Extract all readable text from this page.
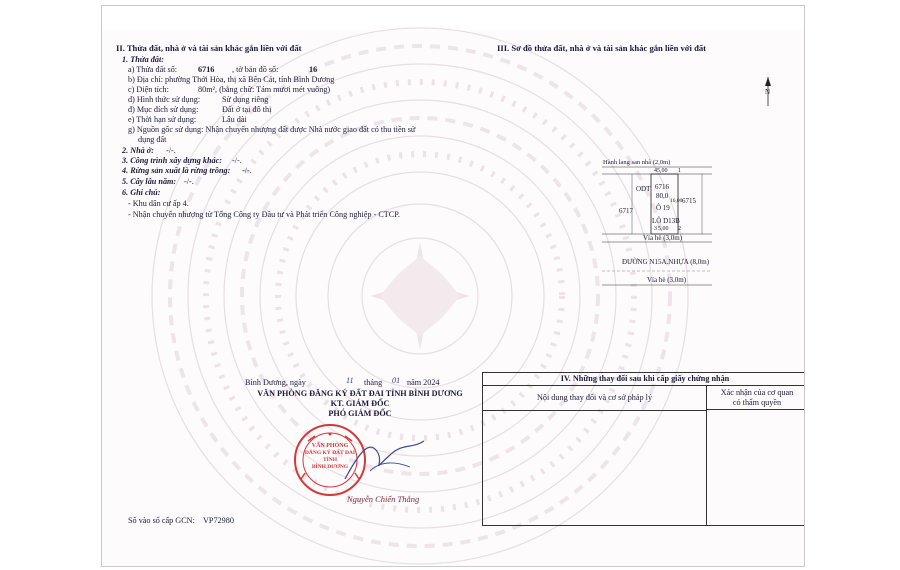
II. Thửa đất, nhà ở và tài sản khác gắn liền với đất
1. Thửa đất:
a) Thửa đất số:	6716 , tờ bản đồ số:	16
b) Địa chỉ: phường Thới Hòa, thị xã Bến Cát, tỉnh Bình Dương
c) Diện tích:	80m², (bằng chữ: Tám mươi mét vuông)
d) Hình thức sử dụng:	Sử dụng riêng
đ) Mục đích sử dụng:	Đất ở tại đô thị
e) Thời hạn sử dụng:	Lâu dài
g) Nguồn gốc sử dụng: Nhận chuyển nhượng đất được Nhà nước giao đất có thu tiền sử
dụng đất
2. Nhà ở: -/-.
3. Công trình xây dựng khác: -/-.
4. Rừng sản xuất là rừng trồng: -/-.
5. Cây lâu năm: -/-.
6. Ghi chú:
- Khu dân cư ấp 4.
- Nhận chuyển nhượng từ Tổng Công ty Đầu tư và Phát triển Công nghiệp - CTCP.
III. Sơ đồ thửa đất, nhà ở và tài sản khác gắn liền với đất
Hành lang san nhà (2,0m)
N
4	1
5,00
ODT 6716
80,0
Ô 19
LÔ D13B
6717
6715
16,00
3	2
5,00
Vỉa hè (3,0m)
ĐƯỜNG N15A.NHỰA (8,0m)
Vỉa hè (3,0m)
Bình Dương, ngày	11 tháng 01 năm 2024
VĂN PHÒNG ĐĂNG KÝ ĐẤT ĐAI TỈNH BÌNH DƯƠNG
KT. GIÁM ĐỐC
PHÓ GIÁM ĐỐC
VĂN PHÒNG
ĐĂNG KÝ ĐẤT ĐAI
TỈNH
BÌNH DƯƠNG
Nguyễn Chiến Thắng
Số vào sổ cấp GCN: VP72980
IV. Những thay đổi sau khi cấp giấy chứng nhận
Nội dung thay đổi và cơ sở pháp lý
Xác nhận của cơ quan
có thẩm quyền
